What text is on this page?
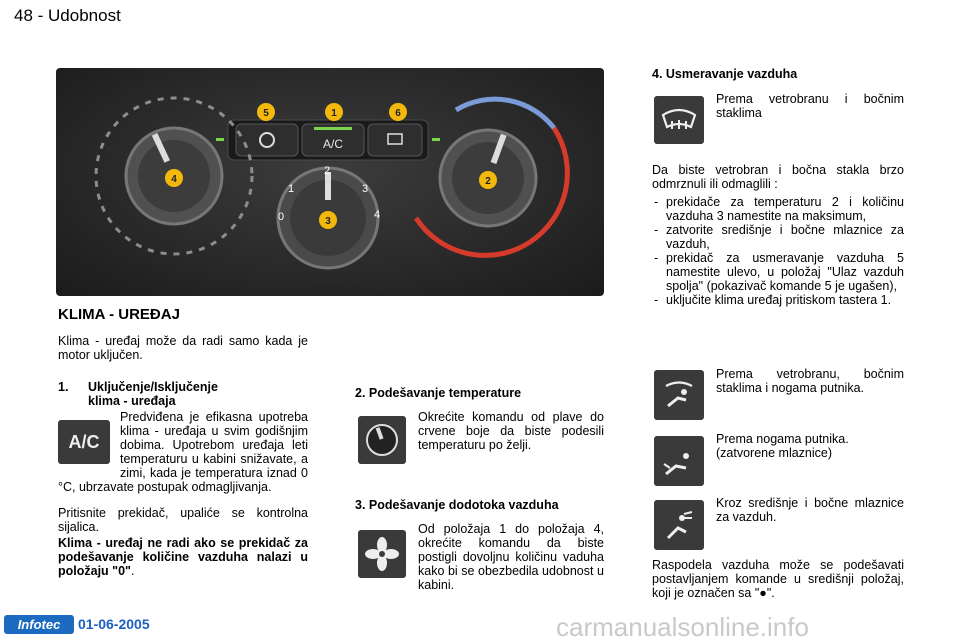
48 - Udobnost
A/C
1
2
3
0	4
5	1	6
4	2
3
KLIMA - UREĐAJ
Klima - uređaj može da radi samo kada je motor uključen.
1. Uključenje/Isključenje
klima - uređaja
A/C
Predviđena je efikasna upotreba klima - uređaja u svim godišnjim dobima. Upotrebom uređaja leti temperaturu u kabini snižavate, a zimi, kada je temperatura iznad 0 °C, ubrzavate postupak odmagljivanja.
Pritisnite prekidač, upaliće se kontrolna sijalica.
Klima - uređaj ne radi ako se prekidač za podešavanje količine vazduha nalazi u položaju "0".
2. Podešavanje temperature
Okrećite komandu od plave do crvene boje da biste podesili temperaturu po želji.
3. Podešavanje dodotoka vazduha
Od položaja 1 do položaja 4, okrećite komandu da biste postigli dovoljnu količinu vaduha kako bi se obezbedila udobnost u kabini.
4. Usmeravanje vazduha
Prema vetrobranu i bočnim staklima
Da biste vetrobran i bočna stakla brzo odmrznuli ili odmaglili :
- prekidače za temperaturu 2 i količinu vazduha 3 namestite na maksimum,
- zatvorite središnje i bočne mlaznice za vazduh,
- prekidač za usmeravanje vazduha 5 namestite ulevo, u položaj "Ulaz vazduh spolja" (pokazivač komande 5 je ugašen),
- uključite klima uređaj pritiskom tastera 1.
Prema vetrobranu, bočnim staklima i nogama putnika.
Prema nogama putnika.
(zatvorene mlaznice)
Kroz središnje i bočne mlaznice za vazduh.
Raspodela vazduha može se podešavati postavljanjem komande u središnji položaj, koji je označen sa "●".
Infotec	01-06-2005	carmanualsonline.info
